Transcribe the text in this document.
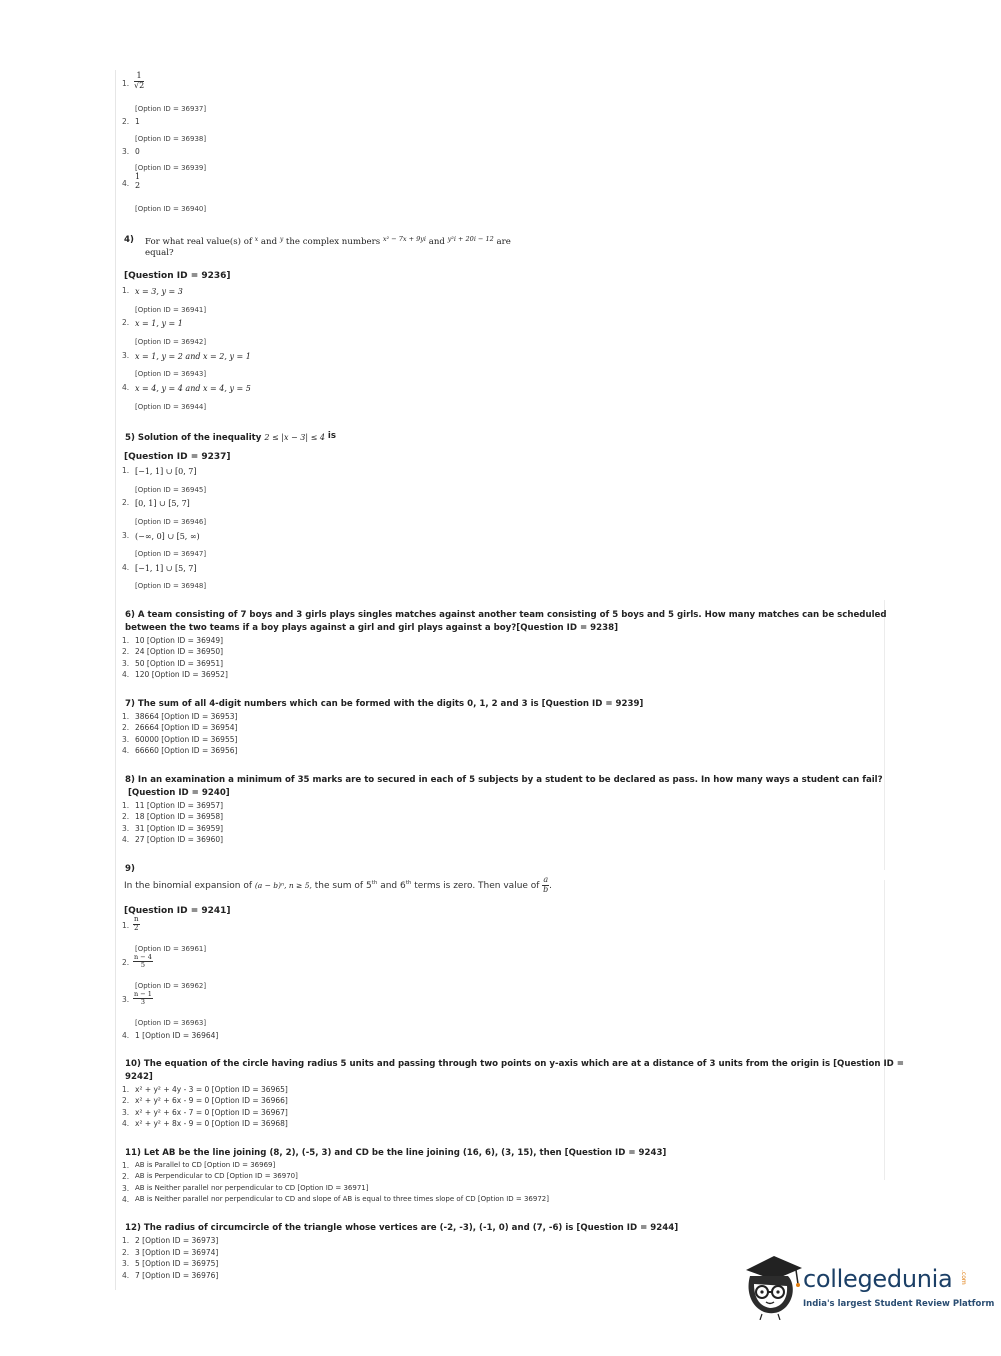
1. $\frac{1}{√2}$
[Option ID = 36937]
2. 1
[Option ID = 36938]
3. 0
[Option ID = 36939]
4.
1
2
[Option ID = 36940]
4) For what real value(s) of $^x$ and $^y$ the complex numbers $^{x^2 - 7x + 9yi}$ and $^{y^2i + 20i - 12}$ are
equal?
[Question ID = 9236]
1. x = 3, y = 3
[Option ID = 36941]
2. x = 1, y = 1
[Option ID = 36942]
3. x = 1, y = 2 and x = 2, y = 1
[Option ID = 36943]
4. x = 4, y = 4 and x = 4, y = 5
[Option ID = 36944]
5) Solution of the inequality 2 ≤ |x − 3| ≤ 4 is
[Question ID = 9237]
1. [−1, 1] ∪ [0, 7]
[Option ID = 36945]
2. [0, 1] ∪ [5, 7]
[Option ID = 36946]
3. (−∞, 0] ∪ [5, ∞)
[Option ID = 36947]
4. [−1, 1] ∪ [5, 7]
[Option ID = 36948]
6) A team consisting of 7 boys and 3 girls plays singles matches against another team consisting of 5 boys and 5 girls. How many matches can be scheduled
between the two teams if a boy plays against a girl and girl plays against a boy?[Question ID = 9238]
1. 10 [Option ID = 36949]
2. 24 [Option ID = 36950]
3. 50 [Option ID = 36951]
4. 120 [Option ID = 36952]
7) The sum of all 4-digit numbers which can be formed with the digits 0, 1, 2 and 3 is [Question ID = 9239]
1. 38664 [Option ID = 36953]
2. 26664 [Option ID = 36954]
3. 60000 [Option ID = 36955]
4. 66660 [Option ID = 36956]
8) In an examination a minimum of 35 marks are to secured in each of 5 subjects by a student to be declared as pass. In how many ways a student can fail?
[Question ID = 9240]
1. 11 [Option ID = 36957]
2. 18 [Option ID = 36958]
3. 31 [Option ID = 36959]
4. 27 [Option ID = 36960]
9)
In the binomial expansion of (a − b)ⁿ, n ≥ 5, the sum of 5th and 6th terms is zero. Then value of $\frac{a}{b}$ .
[Question ID = 9241]
1. $\frac{n}{2}$
[Option ID = 36961]
2. $\frac{n - 4}{5}$
[Option ID = 36962]
3. $\frac{n - 1}{3}$
[Option ID = 36963]
4. 1 [Option ID = 36964]
10) The equation of the circle having radius 5 units and passing through two points on y-axis which are at a distance of 3 units from the origin is [Question ID =
9242]
1. x² + y² + 4y - 3 = 0 [Option ID = 36965]
2. x² + y² + 6x - 9 = 0 [Option ID = 36966]
3. x² + y² + 6x - 7 = 0 [Option ID = 36967]
4. x² + y² + 8x - 9 = 0 [Option ID = 36968]
11) Let AB be the line joining (8, 2), (-5, 3) and CD be the line joining (16, 6), (3, 15), then [Question ID = 9243]
1. AB is Parallel to CD [Option ID = 36969]
2. AB is Perpendicular to CD [Option ID = 36970]
3. AB is Neither parallel nor perpendicular to CD [Option ID = 36971]
4. AB is Neither parallel nor perpendicular to CD and slope of AB is equal to three times slope of CD [Option ID = 36972]
12) The radius of circumcircle of the triangle whose vertices are (-2, -3), (-1, 0) and (7, -6) is [Question ID = 9244]
1. 2 [Option ID = 36973]
2. 3 [Option ID = 36974]
3. 5 [Option ID = 36975]
4. 7 [Option ID = 36976]	collegedunia .com
India's largest Student Review Platform
